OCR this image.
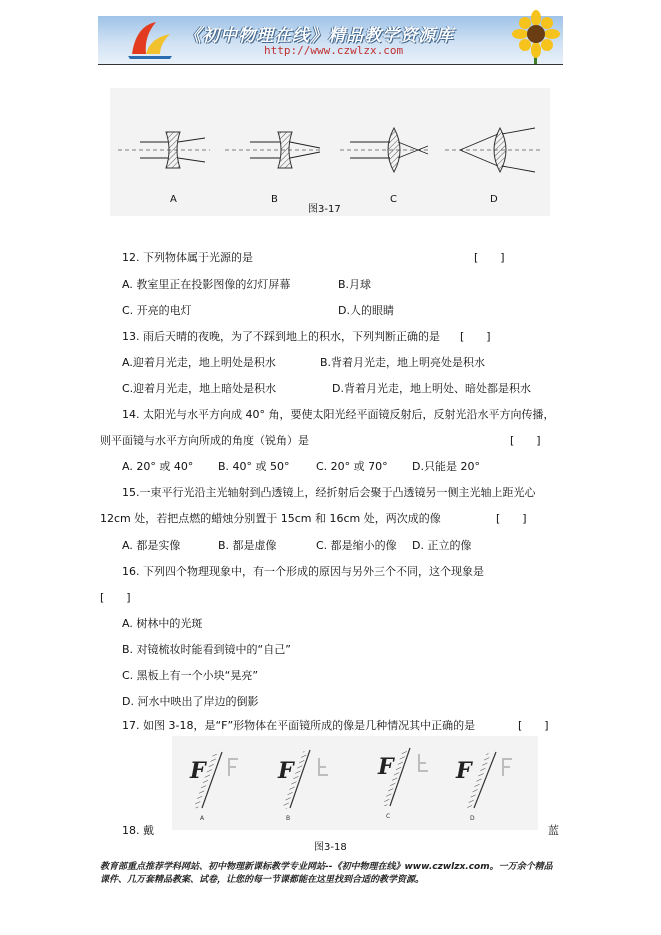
《初中物理在线》精品教学资源库
http://www.czwlzx.com
A	B
图3-17
C	D
12. 下列物体属于光源的是	[　　]
A. 教室里正在投影图像的幻灯屏幕	B.月球
C. 开亮的电灯	D.人的眼睛
13. 雨后天晴的夜晚，为了不踩到地上的积水，下列判断正确的是 [　　]
A.迎着月光走，地上明处是积水	B.背着月光走，地上明亮处是积水
C.迎着月光走，地上暗处是积水	D.背着月光走，地上明处、暗处都是积水
14. 太阳光与水平方向成 40° 角，要使太阳光经平面镜反射后，反射光沿水平方向传播，
则平面镜与水平方向所成的角度（锐角）是	[　　]
A. 20° 或 40° B. 40° 或 50° C. 20° 或 70° D.只能是 20°
15.一束平行光沿主光轴射到凸透镜上，经折射后会聚于凸透镜另一侧主光轴上距光心
12cm 处，若把点燃的蜡烛分别置于 15cm 和 16cm 处，两次成的像	[　　]
A. 都是实像	B. 都是虚像	C. 都是缩小的像 D. 正立的像
16. 下列四个物理现象中，有一个形成的原因与另外三个不同，这个现象是
[　　]
A. 树林中的光斑
B. 对镜梳妆时能看到镜中的“自己”
C. 黑板上有一个小块“晃亮”
D. 河水中映出了岸边的倒影
17. 如图 3-18，是“F”形物体在平面镜所成的像是几种情况其中正确的是	[　　]
F	F	F	F
A	B	C	D
18. 戴	蓝
图3-18
教育部重点推荐学科网站、初中物理新课标教学专业网站--《初中物理在线》www.czwlzx.com。一万余个精品课件、几万套精品教案、试卷，让您的每一节课都能在这里找到合适的教学资源。
